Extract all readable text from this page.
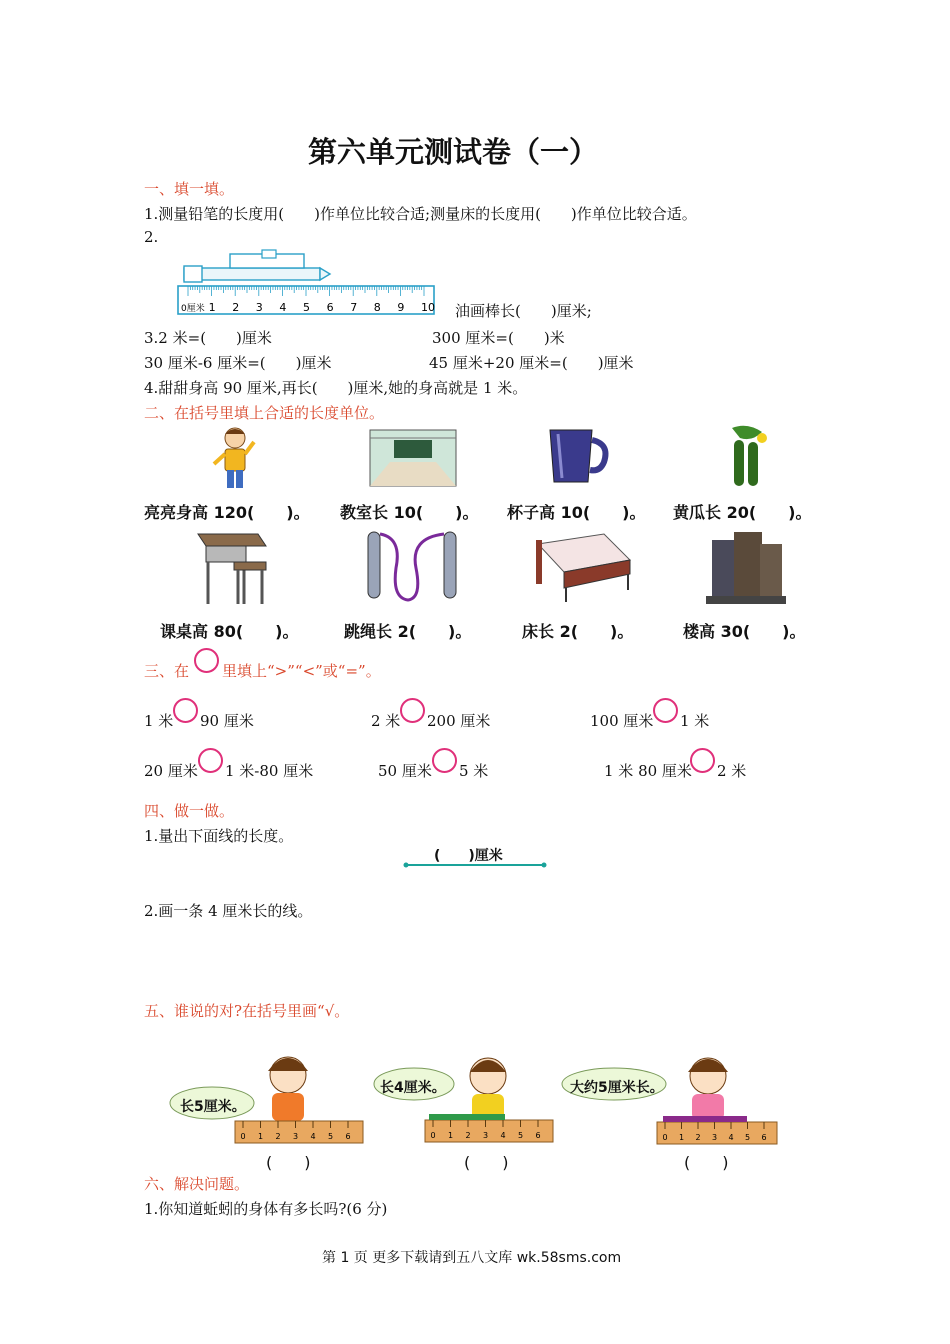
第六单元测试卷（一）
一、填一填。
1.测量铅笔的长度用(　　)作单位比较合适;测量床的长度用(　　)作单位比较合适。
2.
0厘米 1 2 3 4 5 6 7 8 9 10 油画棒长(　　)厘米;
3.2 米=(　　)厘米	300 厘米=(　　)米
30 厘米-6 厘米=(　　)厘米	45 厘米+20 厘米=(　　)厘米
4.甜甜身高 90 厘米,再长(　　)厘米,她的身高就是 1 米。
二、在括号里填上合适的长度单位。
亮亮身高 120(　　)。 教室长 10(　　)。 杯子高 10(　　)。 黄瓜长 20(　　)。
课桌高 80(　　)。	跳绳长 2(　　)。	床长 2(　　)。	楼高 30(　　)。
三、在 里填上“>”“<”或“=”。
1 米 90 厘米	2 米 200 厘米	100 厘米 1 米
20 厘米 1 米-80 厘米	50 厘米 5 米	1 米 80 厘米 2 米
四、做一做。
1.量出下面线的长度。
(　　)厘米
2.画一条 4 厘米长的线。
五、谁说的对?在括号里画“√。
长5厘米。
0 1 2 3 4 5 6
(　　)
长4厘米。
0 1 2 3 4 5 6
(　　)
大约5厘米长。
0 1 2 3 4 5 6
(　　)
六、解决问题。
1.你知道蚯蚓的身体有多长吗?(6 分)
第 1 页 更多下载请到五八文库 wk.58sms.com
